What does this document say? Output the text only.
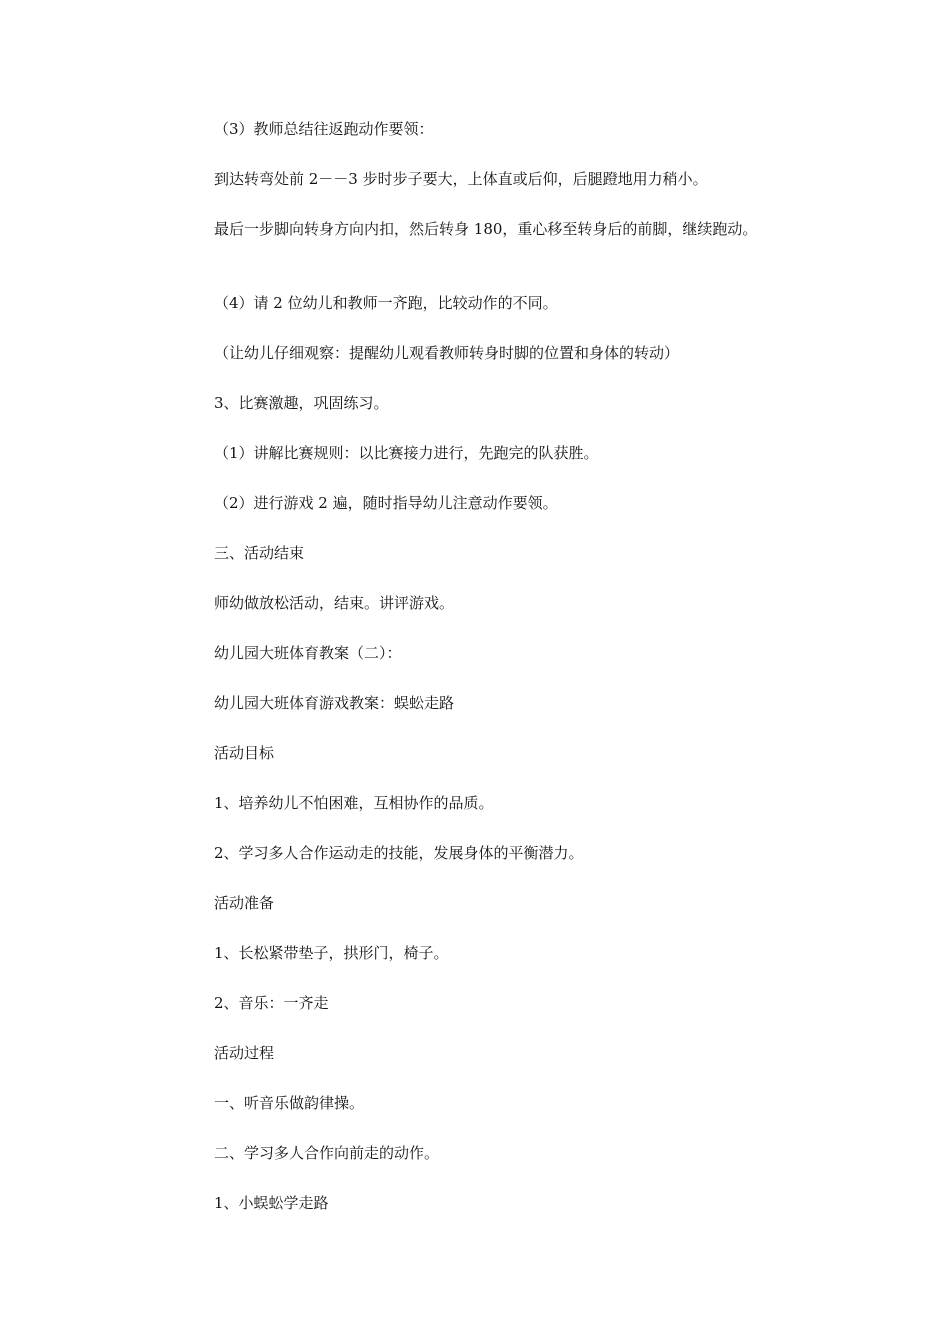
（3）教师总结往返跑动作要领：

到达转弯处前 2－－3 步时步子要大，上体直或后仰，后腿蹬地用力稍小。

最后一步脚向转身方向内扣，然后转身 180，重心移至转身后的前脚，继续跑动。

（4）请 2 位幼儿和教师一齐跑，比较动作的不同。

（让幼儿仔细观察：提醒幼儿观看教师转身时脚的位置和身体的转动）

3、比赛激趣，巩固练习。

（1）讲解比赛规则：以比赛接力进行，先跑完的队获胜。

（2）进行游戏 2 遍，随时指导幼儿注意动作要领。

三、活动结束

师幼做放松活动，结束。讲评游戏。

幼儿园大班体育教案（二）：

幼儿园大班体育游戏教案：蜈蚣走路

活动目标

1、培养幼儿不怕困难，互相协作的品质。

2、学习多人合作运动走的技能，发展身体的平衡潜力。

活动准备

1、长松紧带垫子，拱形门，椅子。

2、音乐：一齐走

活动过程

一、听音乐做韵律操。

二、学习多人合作向前走的动作。

1、小蜈蚣学走路
